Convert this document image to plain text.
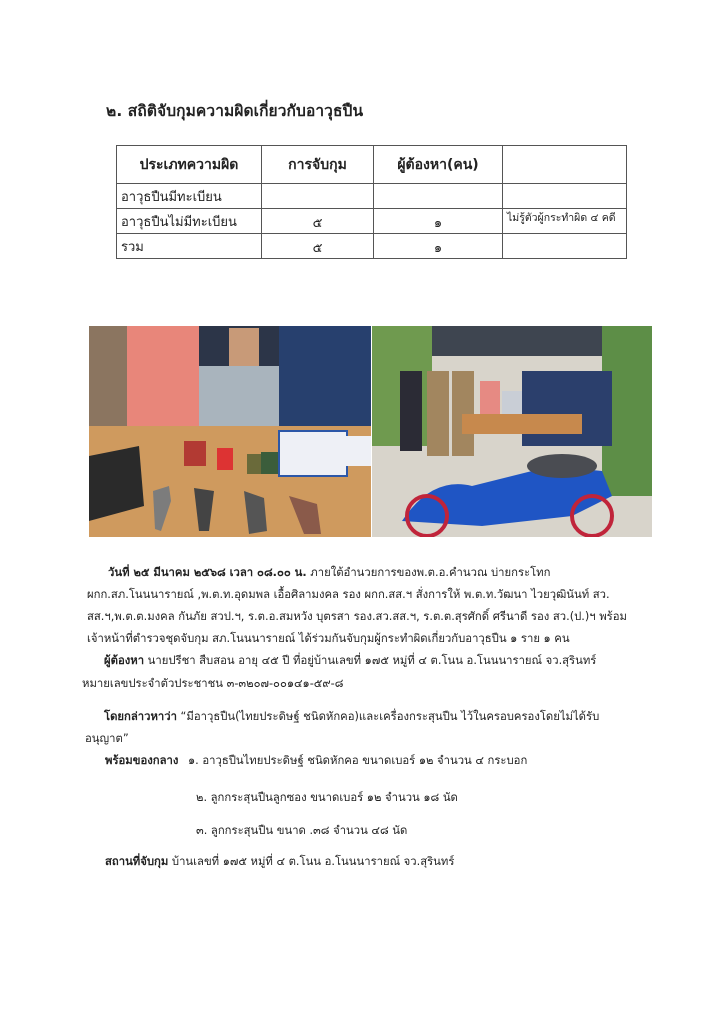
๒. สถิติจับกุมความผิดเกี่ยวกับอาวุธปืน
ประเภทความผิด	การจับกุม	ผู้ต้องหา(คน)	
อาวุธปืนมีทะเบียน			
อาวุธปืนไม่มีทะเบียน	๕	๑	ไม่รู้ตัวผู้กระทำผิด ๔ คดี
รวม	๕	๑	
วันที่ ๒๕ มีนาคม ๒๕๖๘ เวลา ๐๘.๐๐ น. ภายใต้อำนวยการของพ.ต.อ.คำนวณ บ่ายกระโทก
ผกก.สภ.โนนนารายณ์ ,พ.ต.ท.อุดมพล เอื้อศิลามงคล รอง ผกก.สส.ฯ สั่งการให้ พ.ต.ท.วัฒนา ไวยวุฒินันท์ สว.
สส.ฯ,พ.ต.ต.มงคล กันภัย สวป.ฯ, ร.ต.อ.สมหวัง บุตรสา รอง.สว.สส.ฯ, ร.ต.ต.สุรศักดิ์ ศรีนาดี รอง สว.(ป.)ฯ พร้อม
เจ้าหน้าที่ตำรวจชุดจับกุม สภ.โนนนารายณ์ ได้ร่วมกันจับกุมผู้กระทำผิดเกี่ยวกับอาวุธปืน ๑ ราย ๑ คน
ผู้ต้องหา นายปรีชา สืบสอน อายุ ๔๕ ปี ที่อยู่บ้านเลขที่ ๑๗๕ หมู่ที่ ๔ ต.โนน อ.โนนนารายณ์ จว.สุรินทร์
หมายเลขประจำตัวประชาชน ๓-๓๒๐๗-๐๐๑๔๑-๕๙-๘
โดยกล่าวหาว่า “มีอาวุธปืน(ไทยประดิษฐ์ ชนิดหักคอ)และเครื่องกระสุนปืน ไว้ในครอบครองโดยไม่ได้รับ
อนุญาต”
พร้อมของกลาง ๑. อาวุธปืนไทยประดิษฐ์ ชนิดหักคอ ขนาดเบอร์ ๑๒ จำนวน ๔ กระบอก
๒. ลูกกระสุนปืนลูกซอง ขนาดเบอร์ ๑๒ จำนวน ๑๘ นัด
๓. ลูกกระสุนปืน ขนาด .๓๘ จำนวน ๔๘ นัด
สถานที่จับกุม บ้านเลขที่ ๑๗๕ หมู่ที่ ๔ ต.โนน อ.โนนนารายณ์ จว.สุรินทร์
